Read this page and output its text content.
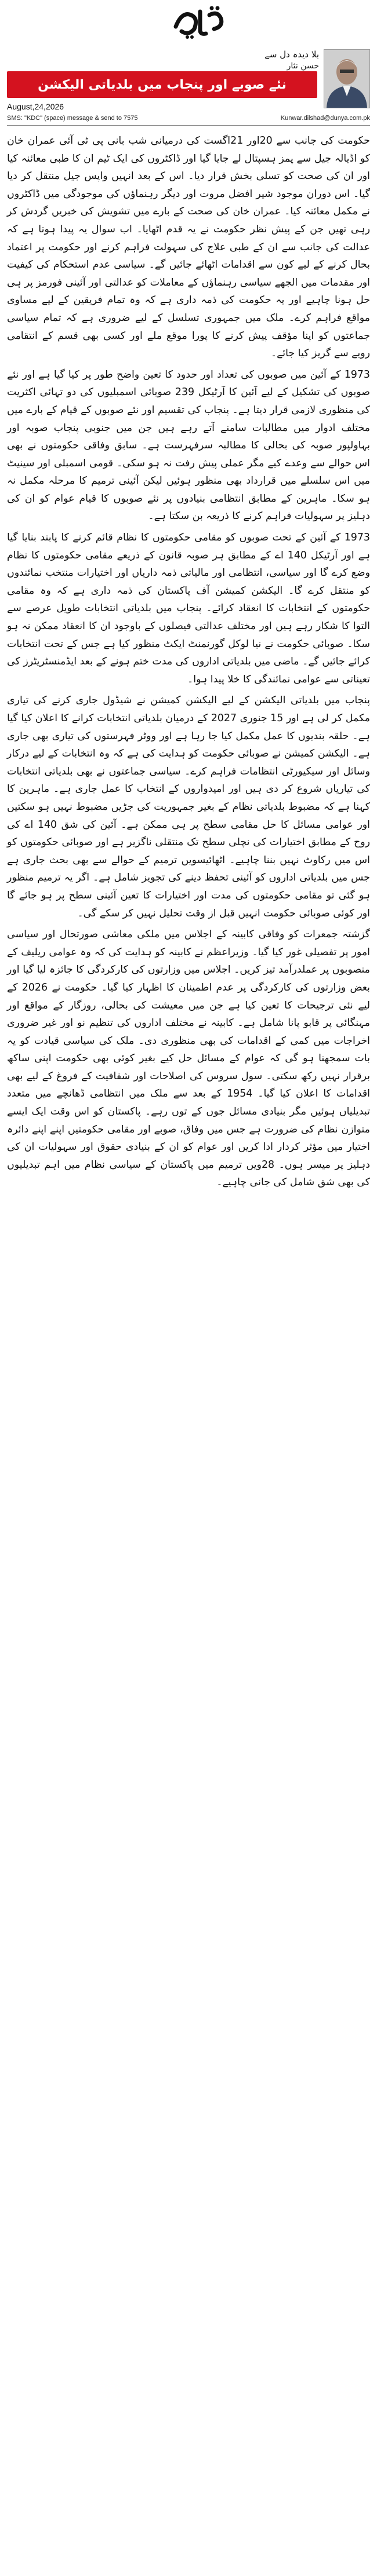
بلا دیدہ دل سے
حسن نثار
نئے صوبے اور پنجاب میں بلدیاتی الیکشن
August,24,2026
SMS: "KDC" (space) message & send to 7575	Kunwar.dilshad@dunya.com.pk

حکومت کی جانب سے 20اور 21اگست کی درمیانی شب بانی پی ٹی آئی عمران خان کو اڈیالہ جیل سے پمز ہسپتال لے جایا گیا اور ڈاکٹروں کی ایک ٹیم ان کا طبی معائنہ کیا اور ان کی صحت کو تسلی بخش قرار دیا۔ اس کے بعد انہیں واپس جیل منتقل کر دیا گیا۔ اس دوران موجود شیر افضل مروت اور دیگر رہنماؤں کی موجودگی میں ڈاکٹروں نے مکمل معائنہ کیا۔ عمران خان کی صحت کے بارے میں تشویش کی خبریں گردش کر رہی تھیں جن کے پیش نظر حکومت نے یہ قدم اٹھایا۔ اب سوال یہ پیدا ہوتا ہے کہ عدالت کی جانب سے ان کے طبی علاج کی سہولت فراہم کرنے اور حکومت پر اعتماد بحال کرنے کے لیے کون سے اقدامات اٹھائے جائیں گے۔ سیاسی عدم استحکام کی کیفیت اور مقدمات میں الجھے سیاسی رہنماؤں کے معاملات کو عدالتی اور آئینی فورمز پر ہی حل ہونا چاہیے اور یہ حکومت کی ذمہ داری ہے کہ وہ تمام فریقین کے لیے مساوی مواقع فراہم کرے۔ ملک میں جمہوری تسلسل کے لیے ضروری ہے کہ تمام سیاسی جماعتوں کو اپنا مؤقف پیش کرنے کا پورا موقع ملے اور کسی بھی قسم کے انتقامی رویے سے گریز کیا جائے۔

1973 کے آئین میں صوبوں کی تعداد اور حدود کا تعین واضح طور پر کیا گیا ہے اور نئے صوبوں کی تشکیل کے لیے آئین کا آرٹیکل 239 صوبائی اسمبلیوں کی دو تہائی اکثریت کی منظوری لازمی قرار دیتا ہے۔ پنجاب کی تقسیم اور نئے صوبوں کے قیام کے بارے میں مختلف ادوار میں مطالبات سامنے آتے رہے ہیں جن میں جنوبی پنجاب صوبہ اور بہاولپور صوبہ کی بحالی کا مطالبہ سرفہرست ہے۔ سابق وفاقی حکومتوں نے بھی اس حوالے سے وعدے کیے مگر عملی پیش رفت نہ ہو سکی۔ قومی اسمبلی اور سینیٹ میں اس سلسلے میں قرارداد بھی منظور ہوئیں لیکن آئینی ترمیم کا مرحلہ مکمل نہ ہو سکا۔ ماہرین کے مطابق انتظامی بنیادوں پر نئے صوبوں کا قیام عوام کو ان کی دہلیز پر سہولیات فراہم کرنے کا ذریعہ بن سکتا ہے۔

1973 کے آئین کے تحت صوبوں کو مقامی حکومتوں کا نظام قائم کرنے کا پابند بنایا گیا ہے اور آرٹیکل 140 اے کے مطابق ہر صوبہ قانون کے ذریعے مقامی حکومتوں کا نظام وضع کرے گا اور سیاسی، انتظامی اور مالیاتی ذمہ داریاں اور اختیارات منتخب نمائندوں کو منتقل کرے گا۔ الیکشن کمیشن آف پاکستان کی ذمہ داری ہے کہ وہ مقامی حکومتوں کے انتخابات کا انعقاد کرائے۔ پنجاب میں بلدیاتی انتخابات طویل عرصے سے التوا کا شکار رہے ہیں اور مختلف عدالتی فیصلوں کے باوجود ان کا انعقاد ممکن نہ ہو سکا۔ صوبائی حکومت نے نیا لوکل گورنمنٹ ایکٹ منظور کیا ہے جس کے تحت انتخابات کرائے جائیں گے۔ ماضی میں بلدیاتی اداروں کی مدت ختم ہونے کے بعد ایڈمنسٹریٹرز کی تعیناتی سے عوامی نمائندگی کا خلا پیدا ہوا۔

پنجاب میں بلدیاتی الیکشن کے لیے الیکشن کمیشن نے شیڈول جاری کرنے کی تیاری مکمل کر لی ہے اور 15 جنوری 2027 کے درمیان بلدیاتی انتخابات کرانے کا اعلان کیا گیا ہے۔ حلقہ بندیوں کا عمل مکمل کیا جا رہا ہے اور ووٹر فہرستوں کی تیاری بھی جاری ہے۔ الیکشن کمیشن نے صوبائی حکومت کو ہدایت کی ہے کہ وہ انتخابات کے لیے درکار وسائل اور سیکیورٹی انتظامات فراہم کرے۔ سیاسی جماعتوں نے بھی بلدیاتی انتخابات کی تیاریاں شروع کر دی ہیں اور امیدواروں کے انتخاب کا عمل جاری ہے۔ ماہرین کا کہنا ہے کہ مضبوط بلدیاتی نظام کے بغیر جمہوریت کی جڑیں مضبوط نہیں ہو سکتیں اور عوامی مسائل کا حل مقامی سطح پر ہی ممکن ہے۔ آئین کی شق 140 اے کی روح کے مطابق اختیارات کی نچلی سطح تک منتقلی ناگزیر ہے اور صوبائی حکومتوں کو اس میں رکاوٹ نہیں بننا چاہیے۔ اٹھائیسویں ترمیم کے حوالے سے بھی بحث جاری ہے جس میں بلدیاتی اداروں کو آئینی تحفظ دینے کی تجویز شامل ہے۔ اگر یہ ترمیم منظور ہو گئی تو مقامی حکومتوں کی مدت اور اختیارات کا تعین آئینی سطح پر ہو جائے گا اور کوئی صوبائی حکومت انہیں قبل از وقت تحلیل نہیں کر سکے گی۔

گزشتہ جمعرات کو وفاقی کابینہ کے اجلاس میں ملکی معاشی صورتحال اور سیاسی امور پر تفصیلی غور کیا گیا۔ وزیراعظم نے کابینہ کو ہدایت کی کہ وہ عوامی ریلیف کے منصوبوں پر عملدرآمد تیز کریں۔ اجلاس میں وزارتوں کی کارکردگی کا جائزہ لیا گیا اور بعض وزارتوں کی کارکردگی پر عدم اطمینان کا اظہار کیا گیا۔ حکومت نے 2026 کے لیے نئی ترجیحات کا تعین کیا ہے جن میں معیشت کی بحالی، روزگار کے مواقع اور مہنگائی پر قابو پانا شامل ہے۔ کابینہ نے مختلف اداروں کی تنظیم نو اور غیر ضروری اخراجات میں کمی کے اقدامات کی بھی منظوری دی۔ ملک کی سیاسی قیادت کو یہ بات سمجھنا ہو گی کہ عوام کے مسائل حل کیے بغیر کوئی بھی حکومت اپنی ساکھ برقرار نہیں رکھ سکتی۔ سول سروس کی اصلاحات اور شفافیت کے فروغ کے لیے بھی اقدامات کا اعلان کیا گیا۔ 1954 کے بعد سے ملک میں انتظامی ڈھانچے میں متعدد تبدیلیاں ہوئیں مگر بنیادی مسائل جوں کے توں رہے۔ پاکستان کو اس وقت ایک ایسے متوازن نظام کی ضرورت ہے جس میں وفاق، صوبے اور مقامی حکومتیں اپنے اپنے دائرہ اختیار میں مؤثر کردار ادا کریں اور عوام کو ان کے بنیادی حقوق اور سہولیات ان کی دہلیز پر میسر ہوں۔ 28ویں ترمیم میں پاکستان کے سیاسی نظام میں اہم تبدیلیوں کی بھی شق شامل کی جانی چاہیے۔
